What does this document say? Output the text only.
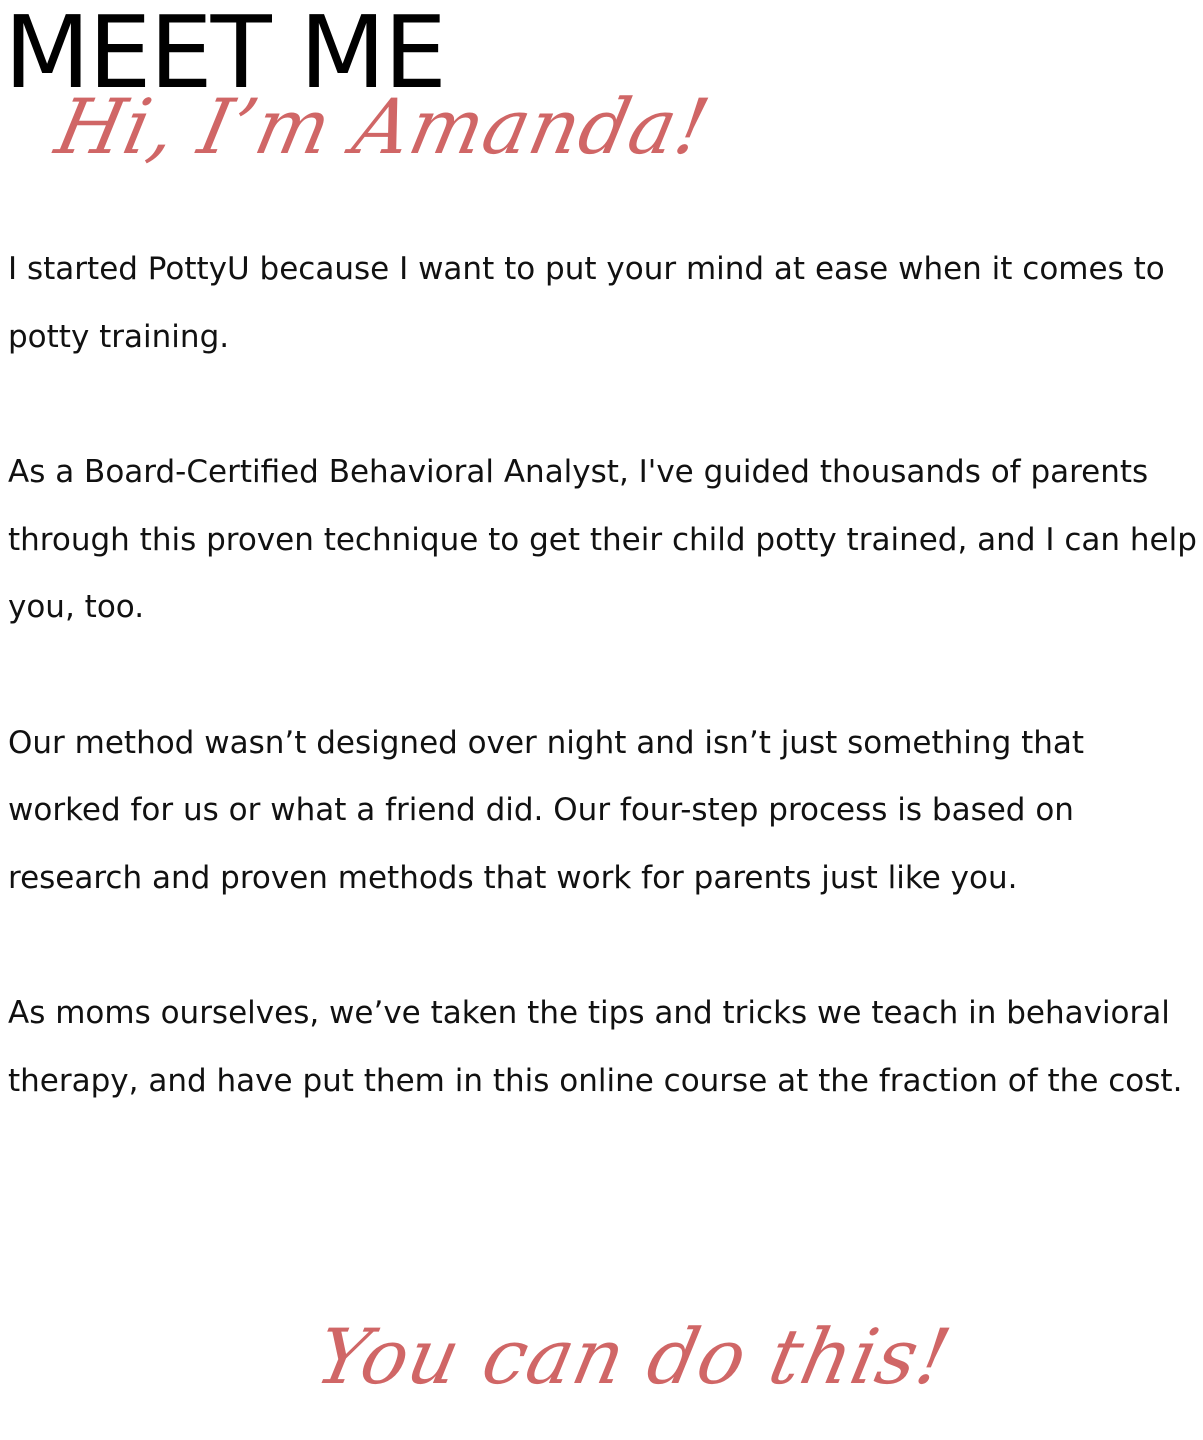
MEET ME
Hi, I’m Amanda!

I started PottyU because I want to put your mind at ease when it comes to potty training.

As a Board-Certified Behavioral Analyst, I've guided thousands of parents through this proven technique to get their child potty trained, and I can help you, too.

Our method wasn’t designed over night and isn’t just something that worked for us or what a friend did. Our four-step process is based on research and proven methods that work for parents just like you.

As moms ourselves, we’ve taken the tips and tricks we teach in behavioral therapy, and have put them in this online course at the fraction of the cost.

You can do this!
